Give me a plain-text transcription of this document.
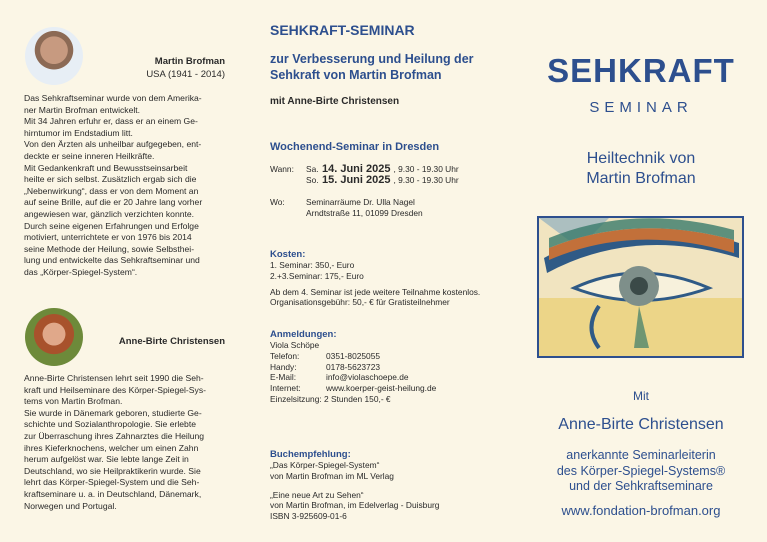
Martin Brofman
USA (1941 - 2014)

Das Sehkraftseminar wurde von dem Amerika-

ner Martin Brofman entwickelt.

Mit 34 Jahren erfuhr er, dass er an einem Ge-

hirntumor im Endstadium litt.

Von den Ärzten als unheilbar aufgegeben, ent-

deckte er seine inneren Heilkräfte.

Mit Gedankenkraft und Bewusstseinsarbeit

heilte er sich selbst. Zusätzlich ergab sich die

„Nebenwirkung“, dass er von dem Moment an

auf seine Brille, auf die er 20 Jahre lang vorher

angewiesen war, gänzlich verzichten konnte.

Durch seine eigenen Erfahrungen und Erfolge

motiviert, unterrichtete er von 1976 bis 2014

seine Methode der Heilung, sowie Selbsthei-

lung und entwickelte das Sehkraftseminar und

das „Körper-Spiegel-System“.

Anne-Birte Christensen

Anne-Birte Christensen lehrt seit 1990 die Seh-

kraft und Heilseminare des Körper-Spiegel-Sys-

tems von Martin Brofman.

Sie wurde in Dänemark geboren, studierte Ge-

schichte und Sozialanthropologie. Sie erlebte

zur Überraschung ihres Zahnarztes die Heilung

ihres Kieferknochens, welcher um einen Zahn

herum aufgelöst war. Sie lebte lange Zeit in

Deutschland, wo sie Heilpraktikerin wurde. Sie

lehrt das Körper-Spiegel-System und die Seh-

kraftseminare u. a. in Deutschland, Dänemark,

Norwegen und Portugal.

SEHKRAFT-SEMINAR
zur Verbesserung und Heilung der
Sehkraft von Martin Brofman
mit Anne-Birte Christensen
Wochenend-Seminar in Dresden
Wann:	Sa. 14. Juni 2025 , 9.30 - 19.30 Uhr
So. 15. Juni 2025 , 9.30 - 19.30 Uhr
Wo:	Seminarräume Dr. Ulla Nagel
Arndtstraße 11, 01099 Dresden
Kosten:
1. Seminar: 350,- Euro
2.+3.Seminar: 175,- Euro
Ab dem 4. Seminar ist jede weitere Teilnahme kostenlos.
Organisationsgebühr: 50,- € für Gratisteilnehmer
Anmeldungen:
Viola Schöpe
Telefon:	0351-8025055
Handy:	0178-5623723
E-Mail:	info@violaschoepe.de
Internet:	www.koerper-geist-heilung.de
Einzelsitzung: 2 Stunden 150,- €
Buchempfehlung:
„Das Körper-Spiegel-System“
von Martin Brofman im ML Verlag
„Eine neue Art zu Sehen“
von Martin Brofman, im Edelverlag - Duisburg
ISBN 3-925609-01-6
SEHKRAFT
SEMINAR
Heiltechnik von
Martin Brofman
Mit
Anne-Birte Christensen
anerkannte Seminarleiterin
des Körper-Spiegel-Systems®
und der Sehkraftseminare
www.fondation-brofman.org
